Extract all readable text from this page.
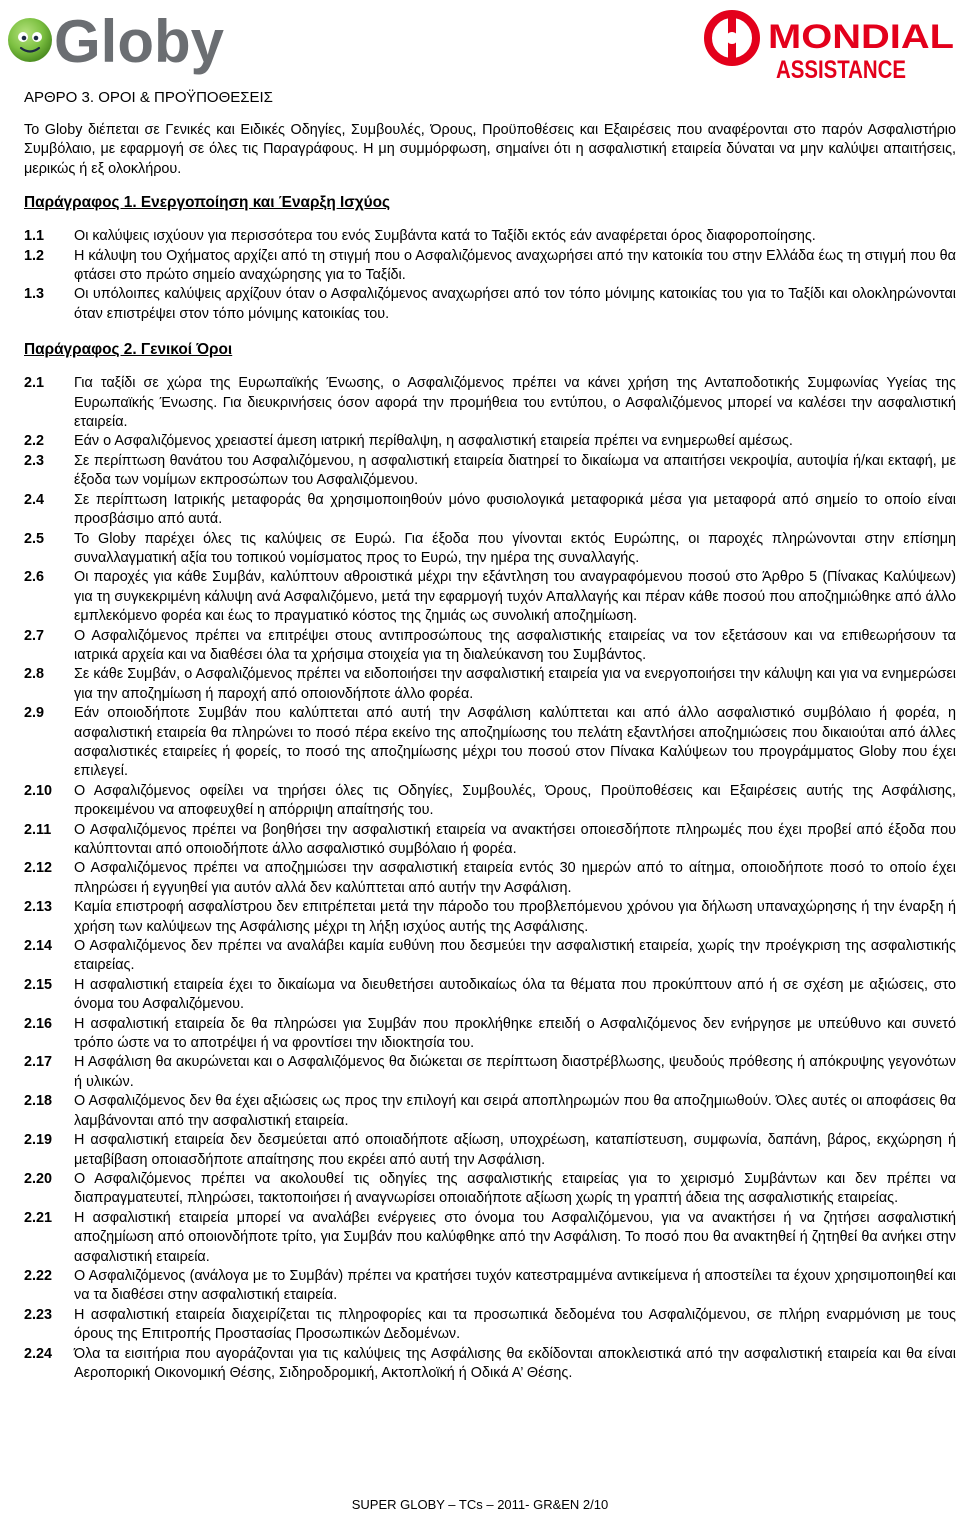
Globy	MONDIAL
ASSISTANCE
ΑΡΘΡΟ 3. ΟΡΟΙ & ΠΡΟΫΠΟΘΕΣΕΙΣ

Το Globy διέπεται σε Γενικές και Ειδικές Οδηγίες, Συμβουλές, Όρους, Προϋποθέσεις και Εξαιρέσεις που αναφέρονται στο παρόν Ασφαλιστήριο Συμβόλαιο, με εφαρμογή σε όλες τις Παραγράφους. Η μη συμμόρφωση, σημαίνει ότι η ασφαλιστική εταιρεία δύναται να μην καλύψει απαιτήσεις, μερικώς ή εξ ολοκλήρου.

Παράγραφος 1. Ενεργοποίηση και Έναρξη Ισχύος
1.1	Οι καλύψεις ισχύουν για περισσότερα του ενός Συμβάντα κατά το Ταξίδι εκτός εάν αναφέρεται όρος διαφοροποίησης.
1.2	Η κάλυψη του Οχήματος αρχίζει από τη στιγμή που ο Ασφαλιζόμενος αναχωρήσει από την κατοικία του στην Ελλάδα έως τη στιγμή που θα φτάσει στο πρώτο σημείο αναχώρησης για το Ταξίδι.
1.3	Οι υπόλοιπες καλύψεις αρχίζουν όταν ο Ασφαλιζόμενος αναχωρήσει από τον τόπο μόνιμης κατοικίας του για το Ταξίδι και ολοκληρώνονται όταν επιστρέψει στον τόπο μόνιμης κατοικίας του.
Παράγραφος 2. Γενικοί Όροι
2.1	Για ταξίδι σε χώρα της Ευρωπαϊκής Ένωσης, ο Ασφαλιζόμενος πρέπει να κάνει χρήση της Ανταποδοτικής Συμφωνίας Υγείας της Ευρωπαϊκής Ένωσης. Για διευκρινήσεις όσον αφορά την προμήθεια του εντύπου, ο Ασφαλιζόμενος μπορεί να καλέσει την ασφαλιστική εταιρεία.
2.2	Εάν ο Ασφαλιζόμενος χρειαστεί άμεση ιατρική περίθαλψη, η ασφαλιστική εταιρεία πρέπει να ενημερωθεί αμέσως.
2.3	Σε περίπτωση θανάτου του Ασφαλιζόμενου, η ασφαλιστική εταιρεία διατηρεί το δικαίωμα να απαιτήσει νεκροψία, αυτοψία ή/και εκταφή, με έξοδα των νομίμων εκπροσώπων του Ασφαλιζόμενου.
2.4	Σε περίπτωση Ιατρικής μεταφοράς θα χρησιμοποιηθούν μόνο φυσιολογικά μεταφορικά μέσα για μεταφορά από σημείο το οποίο είναι προσβάσιμο από αυτά.
2.5	Το Globy παρέχει όλες τις καλύψεις σε Ευρώ. Για έξοδα που γίνονται εκτός Ευρώπης, οι παροχές πληρώνονται στην επίσημη συναλλαγματική αξία του τοπικού νομίσματος προς το Ευρώ, την ημέρα της συναλλαγής.
2.6	Οι παροχές για κάθε Συμβάν, καλύπτουν αθροιστικά μέχρι την εξάντληση του αναγραφόμενου ποσού στο Άρθρο 5 (Πίνακας Καλύψεων) για τη συγκεκριμένη κάλυψη ανά Ασφαλιζόμενο, μετά την εφαρμογή τυχόν Απαλλαγής και πέραν κάθε ποσού που αποζημιώθηκε από άλλο εμπλεκόμενο φορέα και έως το πραγματικό κόστος της ζημιάς ως συνολική αποζημίωση.
2.7	Ο Ασφαλιζόμενος πρέπει να επιτρέψει στους αντιπροσώπους της ασφαλιστικής εταιρείας να τον εξετάσουν και να επιθεωρήσουν τα ιατρικά αρχεία και να διαθέσει όλα τα χρήσιμα στοιχεία για τη διαλεύκανση του Συμβάντος.
2.8	Σε κάθε Συμβάν, ο Ασφαλιζόμενος πρέπει να ειδοποιήσει την ασφαλιστική εταιρεία για να ενεργοποιήσει την κάλυψη και για να ενημερώσει για την αποζημίωση ή παροχή από οποιονδήποτε άλλο φορέα.
2.9	Εάν οποιοδήποτε Συμβάν που καλύπτεται από αυτή την Ασφάλιση καλύπτεται και από άλλο ασφαλιστικό συμβόλαιο ή φορέα, η ασφαλιστική εταιρεία θα πληρώνει το ποσό πέρα εκείνο της αποζημίωσης του πελάτη εξαντλήσει αποζημιώσεις που δικαιούται από άλλες ασφαλιστικές εταιρείες ή φορείς, το ποσό της αποζημίωσης μέχρι του ποσού στον Πίνακα Καλύψεων του προγράμματος Globy που έχει επιλεγεί.
2.10	Ο Ασφαλιζόμενος οφείλει να τηρήσει όλες τις Οδηγίες, Συμβουλές, Όρους, Προϋποθέσεις και Εξαιρέσεις αυτής της Ασφάλισης, προκειμένου να αποφευχθεί η απόρριψη απαίτησής του.
2.11	Ο Ασφαλιζόμενος πρέπει να βοηθήσει την ασφαλιστική εταιρεία να ανακτήσει οποιεσδήποτε πληρωμές που έχει προβεί από έξοδα που καλύπτονται από οποιοδήποτε άλλο ασφαλιστικό συμβόλαιο ή φορέα.
2.12	Ο Ασφαλιζόμενος πρέπει να αποζημιώσει την ασφαλιστική εταιρεία εντός 30 ημερών από το αίτημα, οποιοδήποτε ποσό το οποίο έχει πληρώσει ή εγγυηθεί για αυτόν αλλά δεν καλύπτεται από αυτήν την Ασφάλιση.
2.13	Καμία επιστροφή ασφαλίστρου δεν επιτρέπεται μετά την πάροδο του προβλεπόμενου χρόνου για δήλωση υπαναχώρησης ή την έναρξη ή χρήση των καλύψεων της Ασφάλισης μέχρι τη λήξη ισχύος αυτής της Ασφάλισης.
2.14	Ο Ασφαλιζόμενος δεν πρέπει να αναλάβει καμία ευθύνη που δεσμεύει την ασφαλιστική εταιρεία, χωρίς την προέγκριση της ασφαλιστικής εταιρείας.
2.15	Η ασφαλιστική εταιρεία έχει το δικαίωμα να διευθετήσει αυτοδικαίως όλα τα θέματα που προκύπτουν από ή σε σχέση με αξιώσεις, στο όνομα του Ασφαλιζόμενου.
2.16	Η ασφαλιστική εταιρεία δε θα πληρώσει για Συμβάν που προκλήθηκε επειδή ο Ασφαλιζόμενος δεν ενήργησε με υπεύθυνο και συνετό τρόπο ώστε να το αποτρέψει ή να φροντίσει την ιδιοκτησία του.
2.17	Η Ασφάλιση θα ακυρώνεται και ο Ασφαλιζόμενος θα διώκεται σε περίπτωση διαστρέβλωσης, ψευδούς πρόθεσης ή απόκρυψης γεγονότων ή υλικών.
2.18	Ο Ασφαλιζόμενος δεν θα έχει αξιώσεις ως προς την επιλογή και σειρά αποπληρωμών που θα αποζημιωθούν. Όλες αυτές οι αποφάσεις θα λαμβάνονται από την ασφαλιστική εταιρεία.
2.19	Η ασφαλιστική εταιρεία δεν δεσμεύεται από οποιαδήποτε αξίωση, υποχρέωση, καταπίστευση, συμφωνία, δαπάνη, βάρος, εκχώρηση ή μεταβίβαση οποιασδήποτε απαίτησης που εκρέει από αυτή την Ασφάλιση.
2.20	Ο Ασφαλιζόμενος πρέπει να ακολουθεί τις οδηγίες της ασφαλιστικής εταιρείας για το χειρισμό Συμβάντων και δεν πρέπει να διαπραγματευτεί, πληρώσει, τακτοποιήσει ή αναγνωρίσει οποιαδήποτε αξίωση χωρίς τη γραπτή άδεια της ασφαλιστικής εταιρείας.
2.21	Η ασφαλιστική εταιρεία μπορεί να αναλάβει ενέργειες στο όνομα του Ασφαλιζόμενου, για να ανακτήσει ή να ζητήσει ασφαλιστική αποζημίωση από οποιονδήποτε τρίτο, για Συμβάν που καλύφθηκε από την Ασφάλιση. Το ποσό που θα ανακτηθεί ή ζητηθεί θα ανήκει στην ασφαλιστική εταιρεία.
2.22	Ο Ασφαλιζόμενος (ανάλογα με το Συμβάν) πρέπει να κρατήσει τυχόν κατεστραμμένα αντικείμενα ή αποστείλει τα έχουν χρησιμοποιηθεί και να τα διαθέσει στην ασφαλιστική εταιρεία.
2.23	Η ασφαλιστική εταιρεία διαχειρίζεται τις πληροφορίες και τα προσωπικά δεδομένα του Ασφαλιζόμενου, σε πλήρη εναρμόνιση με τους όρους της Επιτροπής Προστασίας Προσωπικών Δεδομένων.
2.24	Όλα τα εισιτήρια που αγοράζονται για τις καλύψεις της Ασφάλισης θα εκδίδονται αποκλειστικά από την ασφαλιστική εταιρεία και θα είναι Αεροπορική Οικονομική Θέσης, Σιδηροδρομική, Ακτοπλοϊκή ή Οδικά Α’ Θέσης.
SUPER GLOBY – TCs – 2011- GR&EN 2/10
